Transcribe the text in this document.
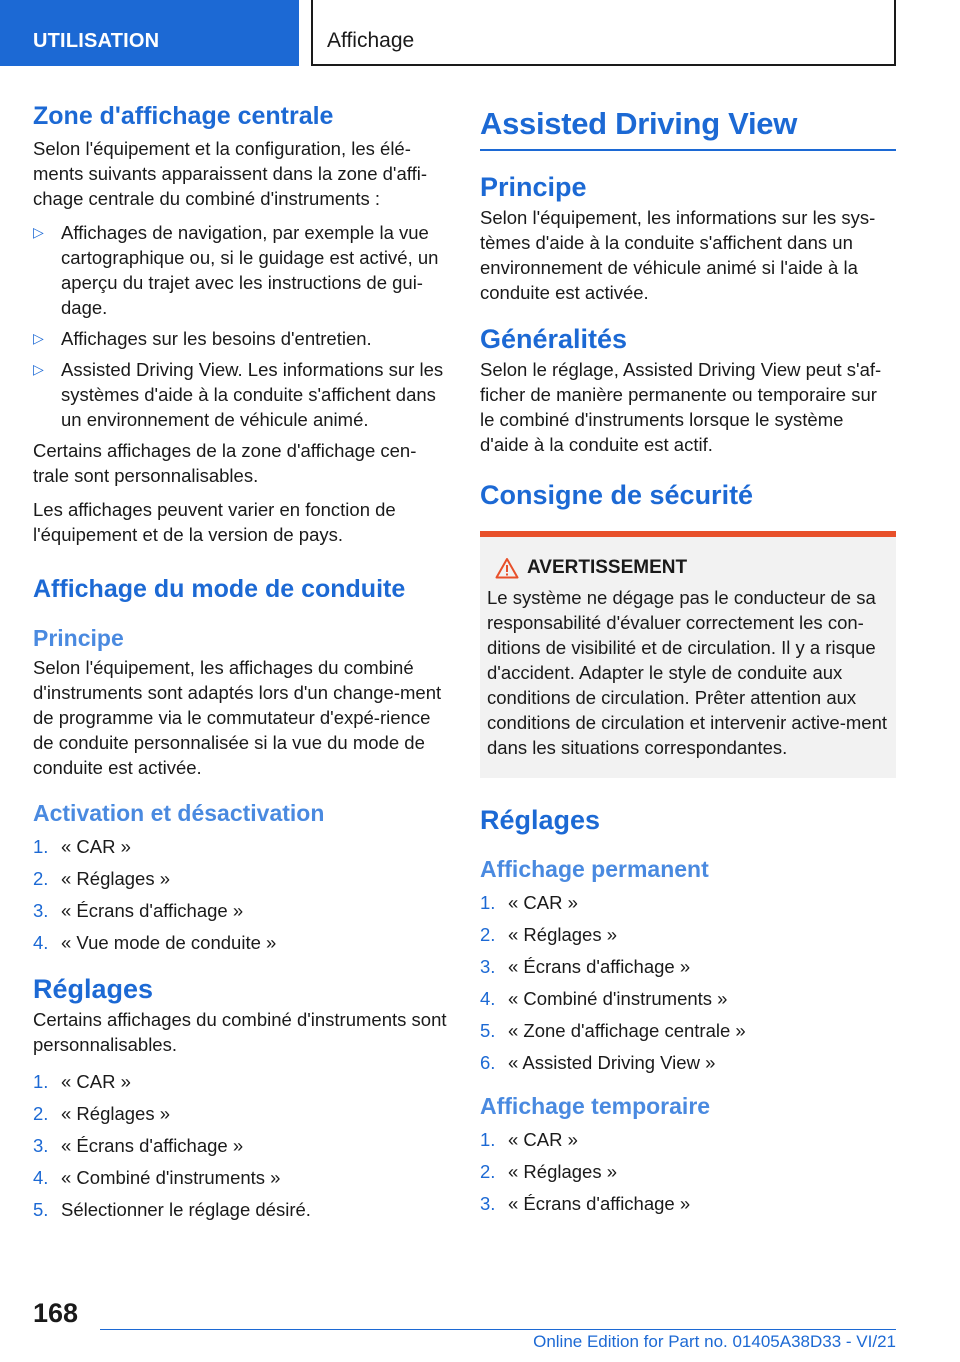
UTILISATION	Affichage
Zone d'affichage centrale

Selon l'équipement et la configuration, les élé-ments suivants apparaissent dans la zone d'affi-chage centrale du combiné d'instruments :

▷ Affichages de navigation, par exemple la vue cartographique ou, si le guidage est activé, un aperçu du trajet avec les instructions de gui-dage.
▷ Affichages sur les besoins d'entretien.
▷ Assisted Driving View. Les informations sur les systèmes d'aide à la conduite s'affichent dans un environnement de véhicule animé.

Certains affichages de la zone d'affichage cen-trale sont personnalisables.

Les affichages peuvent varier en fonction de l'équipement et de la version de pays.

Affichage du mode de conduite
Principe

Selon l'équipement, les affichages du combiné d'instruments sont adaptés lors d'un change-ment de programme via le commutateur d'expé-rience de conduite personnalisée si la vue du mode de conduite est activée.

Activation et désactivation
1. « CAR »
2. « Réglages »
3. « Écrans d'affichage »
4. « Vue mode de conduite »
Réglages

Certains affichages du combiné d'instruments sont personnalisables.

1. « CAR »
2. « Réglages »
3. « Écrans d'affichage »
4. « Combiné d'instruments »
5. Sélectionner le réglage désiré.
Assisted Driving View
Principe

Selon l'équipement, les informations sur les sys-tèmes d'aide à la conduite s'affichent dans un environnement de véhicule animé si l'aide à la conduite est activée.

Généralités

Selon le réglage, Assisted Driving View peut s'af-ficher de manière permanente ou temporaire sur le combiné d'instruments lorsque le système d'aide à la conduite est actif.

Consigne de sécurité
AVERTISSEMENT

Le système ne dégage pas le conducteur de sa responsabilité d'évaluer correctement les con-ditions de visibilité et de circulation. Il y a risque d'accident. Adapter le style de conduite aux conditions de circulation. Prêter attention aux conditions de circulation et intervenir active-ment dans les situations correspondantes.

Réglages
Affichage permanent
1. « CAR »
2. « Réglages »
3. « Écrans d'affichage »
4. « Combiné d'instruments »
5. « Zone d'affichage centrale »
6. « Assisted Driving View »
Affichage temporaire
1. « CAR »
2. « Réglages »
3. « Écrans d'affichage »
168
Online Edition for Part no. 01405A38D33 - VI/21
